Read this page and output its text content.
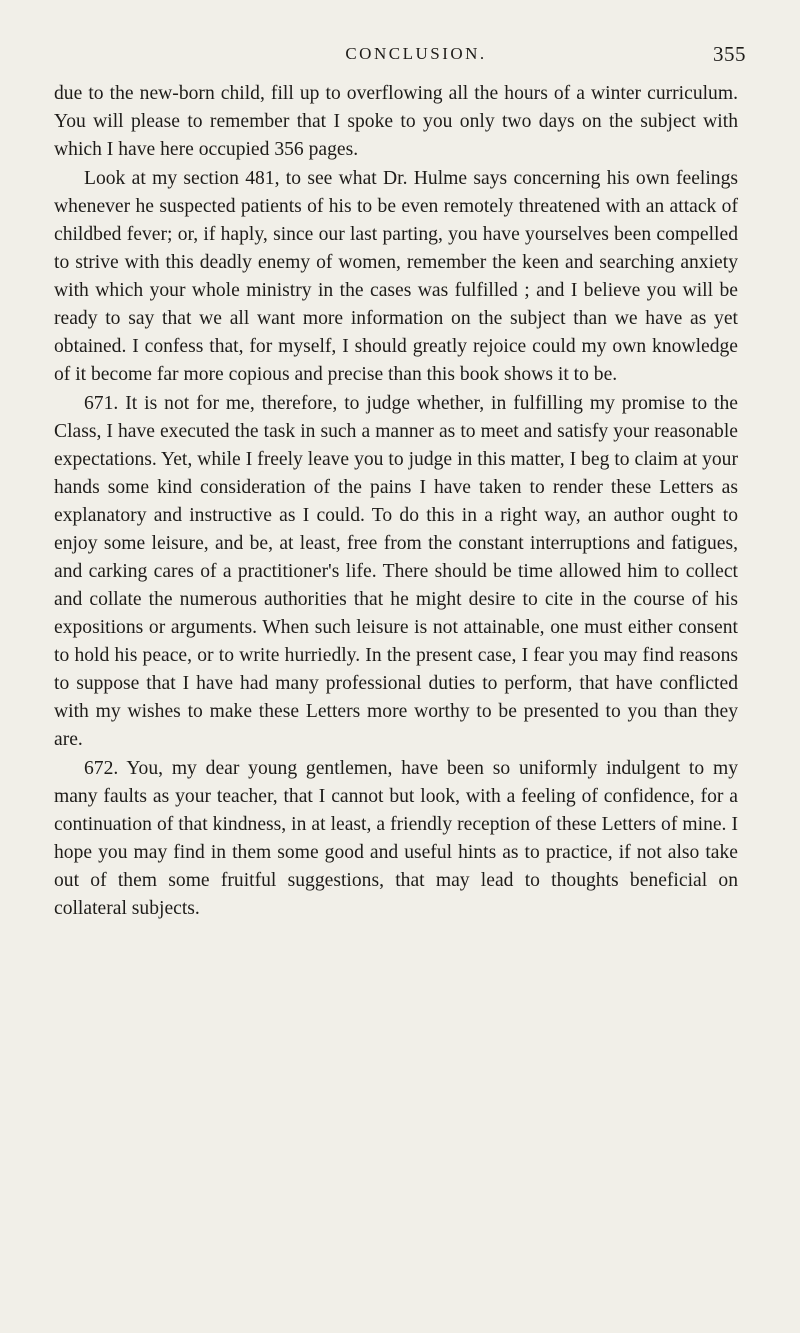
CONCLUSION.	355

due to the new-born child, fill up to overflowing all the hours of a winter curriculum. You will please to remember that I spoke to you only two days on the subject with which I have here occupied 356 pages.

Look at my section 481, to see what Dr. Hulme says concerning his own feelings whenever he suspected patients of his to be even remotely threatened with an attack of childbed fever; or, if haply, since our last parting, you have yourselves been compelled to strive with this deadly enemy of women, remember the keen and searching anxiety with which your whole ministry in the cases was fulfilled ; and I believe you will be ready to say that we all want more information on the subject than we have as yet obtained. I confess that, for myself, I should greatly rejoice could my own knowledge of it become far more copious and precise than this book shows it to be.

671. It is not for me, therefore, to judge whether, in fulfilling my promise to the Class, I have executed the task in such a manner as to meet and satisfy your reasonable expectations. Yet, while I freely leave you to judge in this matter, I beg to claim at your hands some kind consideration of the pains I have taken to render these Letters as explanatory and instructive as I could. To do this in a right way, an author ought to enjoy some leisure, and be, at least, free from the constant interruptions and fatigues, and carking cares of a practitioner's life. There should be time allowed him to collect and collate the numerous authorities that he might desire to cite in the course of his expositions or arguments. When such leisure is not attainable, one must either consent to hold his peace, or to write hurriedly. In the present case, I fear you may find reasons to suppose that I have had many professional duties to perform, that have conflicted with my wishes to make these Letters more worthy to be presented to you than they are.

672. You, my dear young gentlemen, have been so uniformly indulgent to my many faults as your teacher, that I cannot but look, with a feeling of confidence, for a continuation of that kindness, in at least, a friendly reception of these Letters of mine. I hope you may find in them some good and useful hints as to practice, if not also take out of them some fruitful suggestions, that may lead to thoughts beneficial on collateral subjects.
